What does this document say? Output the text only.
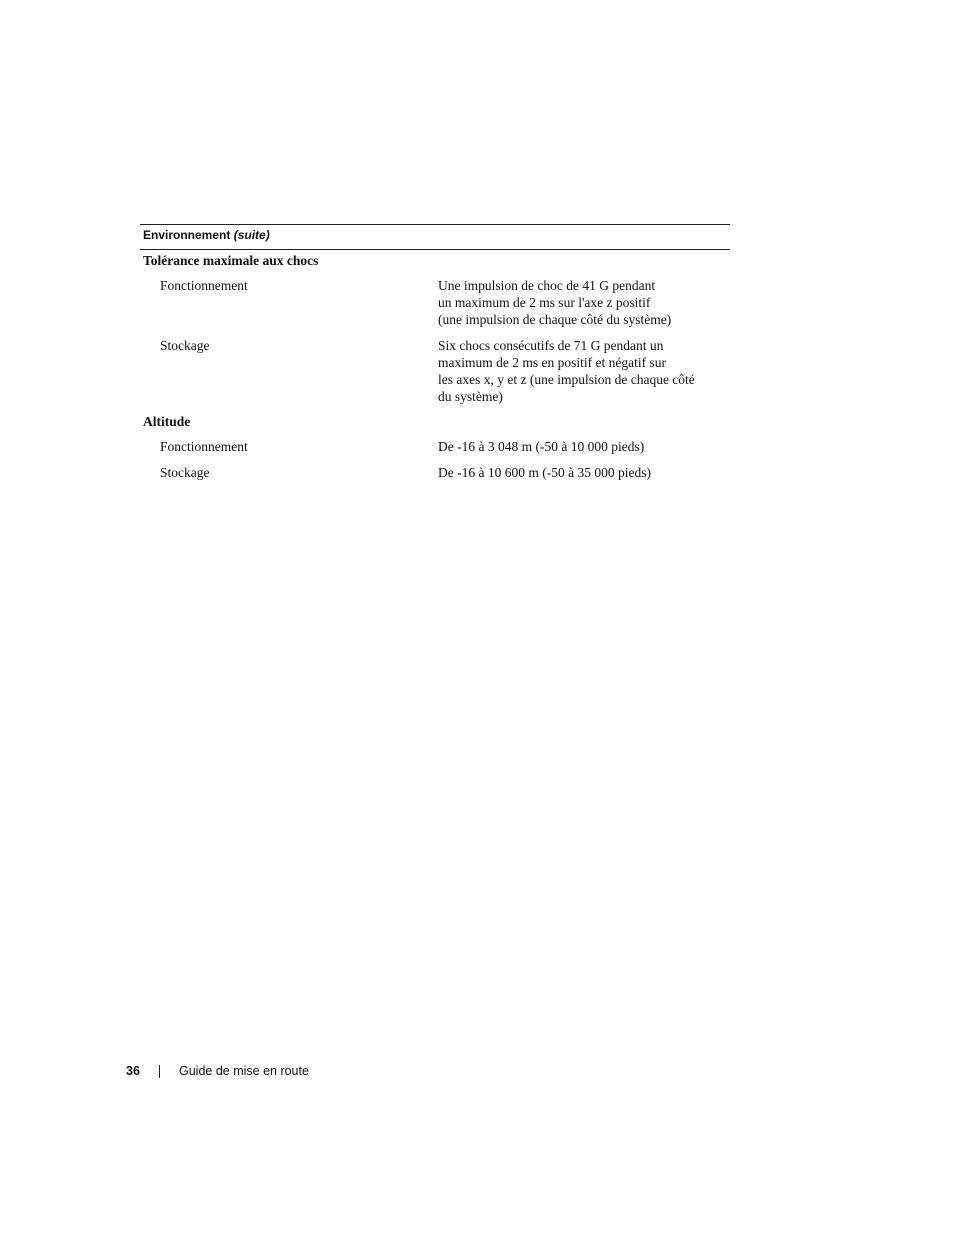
Environnement (suite)
Tolérance maximale aux chocs
Fonctionnement	Une impulsion de choc de 41 G pendant
un maximum de 2 ms sur l'axe z positif
(une impulsion de chaque côté du système)
Stockage	Six chocs consécutifs de 71 G pendant un
maximum de 2 ms en positif et négatif sur
les axes x, y et z (une impulsion de chaque côté
du système)
Altitude
Fonctionnement	De -16 à 3 048 m (-50 à 10 000 pieds)
Stockage	De -16 à 10 600 m (-50 à 35 000 pieds)
36	Guide de mise en route
